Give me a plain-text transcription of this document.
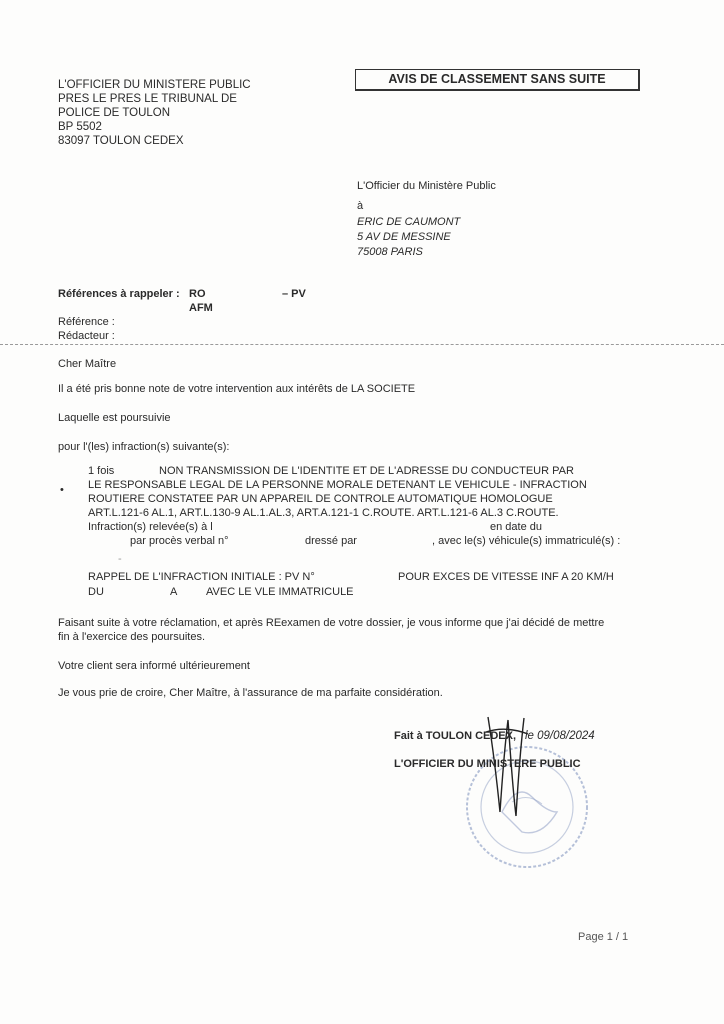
L'OFFICIER DU MINISTERE PUBLIC
PRES LE PRES LE TRIBUNAL DE
POLICE DE TOULON
BP 5502
83097 TOULON CEDEX
AVIS DE CLASSEMENT SANS SUITE
L'Officier du Ministère Public
à
ERIC DE CAUMONT
5 AV DE MESSINE
75008 PARIS
Références à rappeler : RO	– PV
AFM
Référence :
Rédacteur :
Cher Maître
Il a été pris bonne note de votre intervention aux intérêts de LA SOCIETE
Laquelle est poursuivie
pour l'(les) infraction(s) suivante(s):
1 fois	NON TRANSMISSION DE L'IDENTITE ET DE L'ADRESSE DU CONDUCTEUR PAR
• LE RESPONSABLE LEGAL DE LA PERSONNE MORALE DETENANT LE VEHICULE - INFRACTION
ROUTIERE CONSTATEE PAR UN APPAREIL DE CONTROLE AUTOMATIQUE HOMOLOGUE
ART.L.121-6 AL.1, ART.L.130-9 AL.1.AL.3, ART.A.121-1 C.ROUTE. ART.L.121-6 AL.3 C.ROUTE.
Infraction(s) relevée(s) à l	en date du
par procès verbal n°	dressé par	, avec le(s) véhicule(s) immatriculé(s) :
-
RAPPEL DE L'INFRACTION INITIALE : PV N°	POUR EXCES DE VITESSE INF A 20 KM/H
DU	A	AVEC LE VLE IMMATRICULE
Faisant suite à votre réclamation, et après REexamen de votre dossier, je vous informe que j'ai décidé de mettre
fin à l'exercice des poursuites.
Votre client sera informé ultérieurement
Je vous prie de croire, Cher Maître, à l'assurance de ma parfaite considération.
Fait à TOULON CEDEX, le 09/08/2024
L'OFFICIER DU MINISTERE PUBLIC
Page 1 / 1
